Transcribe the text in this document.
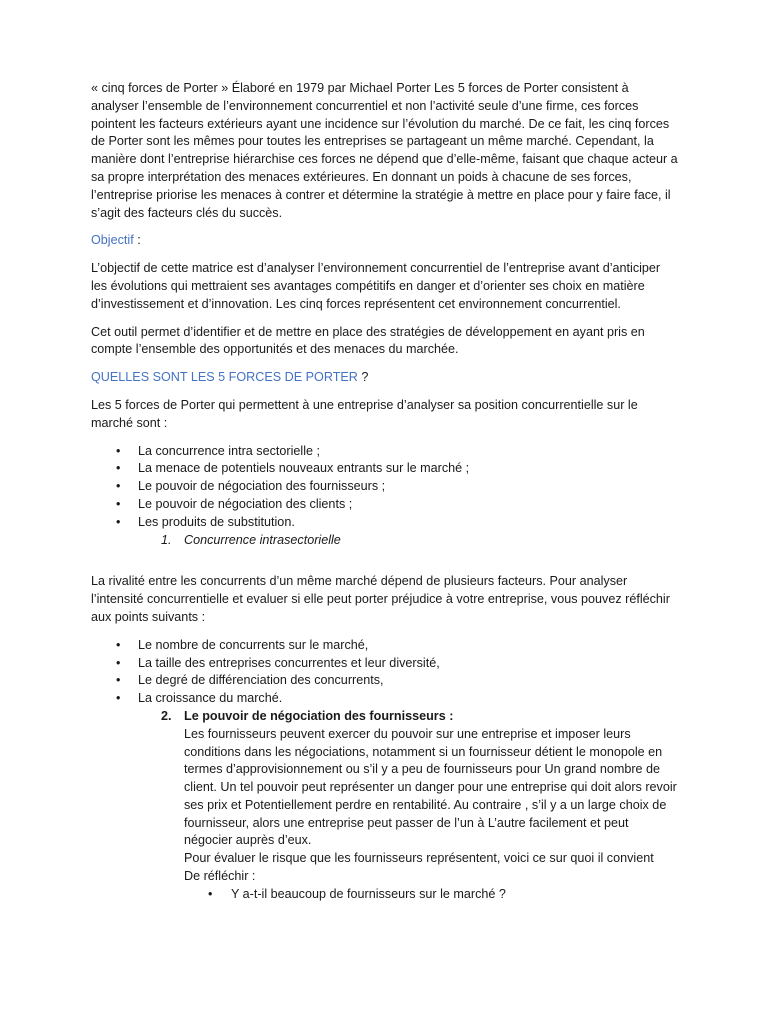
« cinq forces de Porter » Élaboré en 1979 par Michael Porter Les 5 forces de Porter consistent à analyser l’ensemble de l’environnement concurrentiel et non l’activité seule d’une firme, ces forces pointent les facteurs extérieurs ayant une incidence sur l’évolution du marché. De ce fait, les cinq forces de Porter sont les mêmes pour toutes les entreprises se partageant un même marché. Cependant, la manière dont l’entreprise hiérarchise ces forces ne dépend que d’elle-même, faisant que chaque acteur a sa propre interprétation des menaces extérieures. En donnant un poids à chacune de ses forces, l’entreprise priorise les menaces à contrer et détermine la stratégie à mettre en place pour y faire face, il s’agit des facteurs clés du succès.

Objectif :

L’objectif de cette matrice est d’analyser l’environnement concurrentiel de l’entreprise avant d’anticiper les évolutions qui mettraient ses avantages compétitifs en danger et d’orienter ses choix en matière d’investissement et d’innovation. Les cinq forces représentent cet environnement concurrentiel.

Cet outil permet d’identifier et de mettre en place des stratégies de développement en ayant pris en compte l’ensemble des opportunités et des menaces du marchée.

QUELLES SONT LES 5 FORCES DE PORTER ?

Les 5 forces de Porter qui permettent à une entreprise d’analyser sa position concurrentielle sur le marché sont :

• La concurrence intra sectorielle ;
• La menace de potentiels nouveaux entrants sur le marché ;
• Le pouvoir de négociation des fournisseurs ;
• Le pouvoir de négociation des clients ;
• Les produits de substitution.
1. Concurrence intrasectorielle

La rivalité entre les concurrents d’un même marché dépend de plusieurs facteurs. Pour analyser l’intensité concurrentielle et evaluer si elle peut porter préjudice à votre entreprise, vous pouvez réfléchir aux points suivants :

• Le nombre de concurrents sur le marché,
• La taille des entreprises concurrentes et leur diversité,
• Le degré de différenciation des concurrents,
• La croissance du marché.
2. Le pouvoir de négociation des fournisseurs :
Les fournisseurs peuvent exercer du pouvoir sur une entreprise et imposer leurs conditions dans les négociations, notamment si un fournisseur détient le monopole en termes d’approvisionnement ou s’il y a peu de fournisseurs pour Un grand nombre de client. Un tel pouvoir peut représenter un danger pour une entreprise qui doit alors revoir ses prix et Potentiellement perdre en rentabilité. Au contraire , s’il y a un large choix de fournisseur, alors une entreprise peut passer de l’un à L’autre facilement et peut négocier auprès d’eux.
Pour évaluer le risque que les fournisseurs représentent, voici ce sur quoi il convient
De réfléchir :
• Y a-t-il beaucoup de fournisseurs sur le marché ?
